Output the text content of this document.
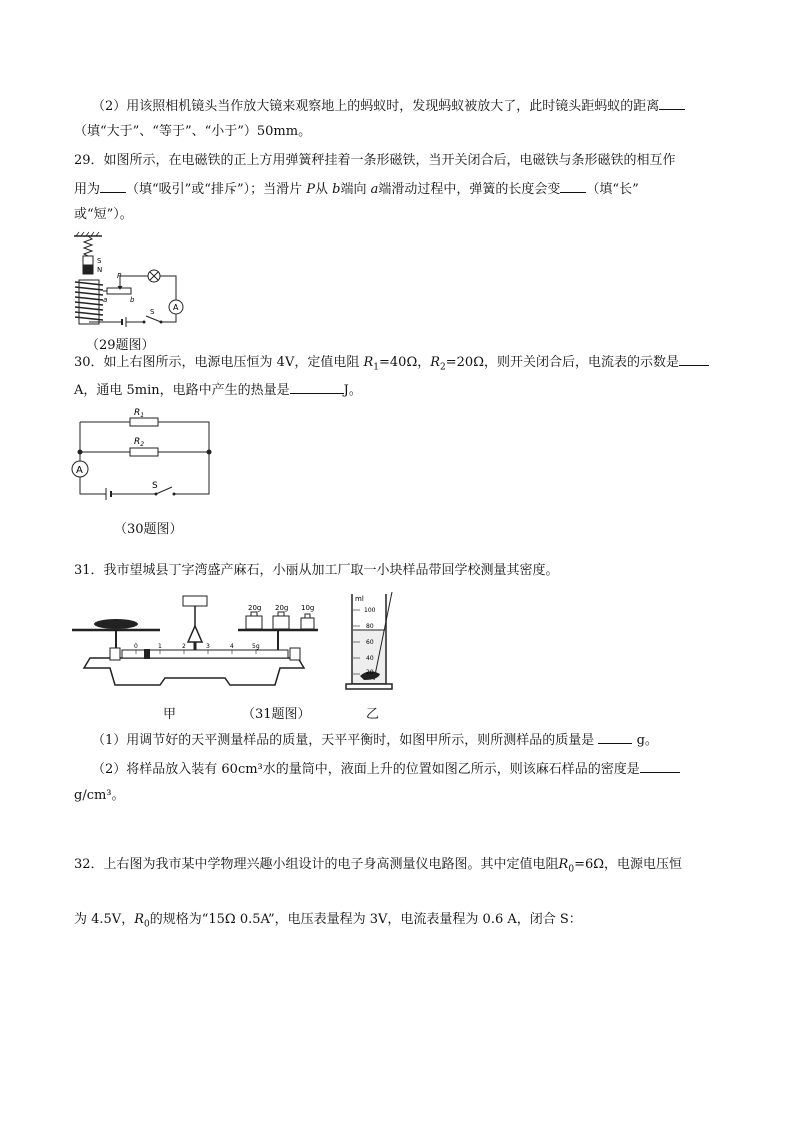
（2）用该照相机镜头当作放大镜来观察地上的蚂蚁时，发现蚂蚁被放大了，此时镜头距蚂蚁的距离
（填“大于”、“等于”、“小于”）50mm。
29．如图所示，在电磁铁的正上方用弹簧秤挂着一条形磁铁，当开关闭合后，电磁铁与条形磁铁的相互作
用为 （填“吸引”或“排斥”）；当滑片 P从 b端向 a端滑动过程中，弹簧的长度会变 （填“长”
或“短”）。
S
N
P
a	b
A
S
（29题图）
30．如上右图所示，电源电压恒为 4V，定值电阻 $R_1=40\Omega$，$R_2=20\Omega$，则开关闭合后，电流表的示数是
A，通电 5min，电路中产生的热量是	J。
$R_1$
$R_2$
A
S
（30题图）
31．我市望城县丁字湾盛产麻石，小丽从加工厂取一小块样品带回学校测量其密度。
20g 20g 10g
0	1	2	3	4	5g
ml
100
80
60
40
20
甲	（31题图）	乙
（1）用调节好的天平测量样品的质量，天平平衡时，如图甲所示，则所测样品的质量是	g。
（2）将样品放入装有 60cm³水的量筒中，液面上升的位置如图乙所示，则该麻石样品的密度是
g/cm³。
32．上右图为我市某中学物理兴趣小组设计的电子身高测量仪电路图。其中定值电阻$R_0=6\Omega$，电源电压恒
为 4.5V，$R_0$的规格为“15Ω 0.5A”，电压表量程为 3V，电流表量程为 0.6 A，闭合 S：
